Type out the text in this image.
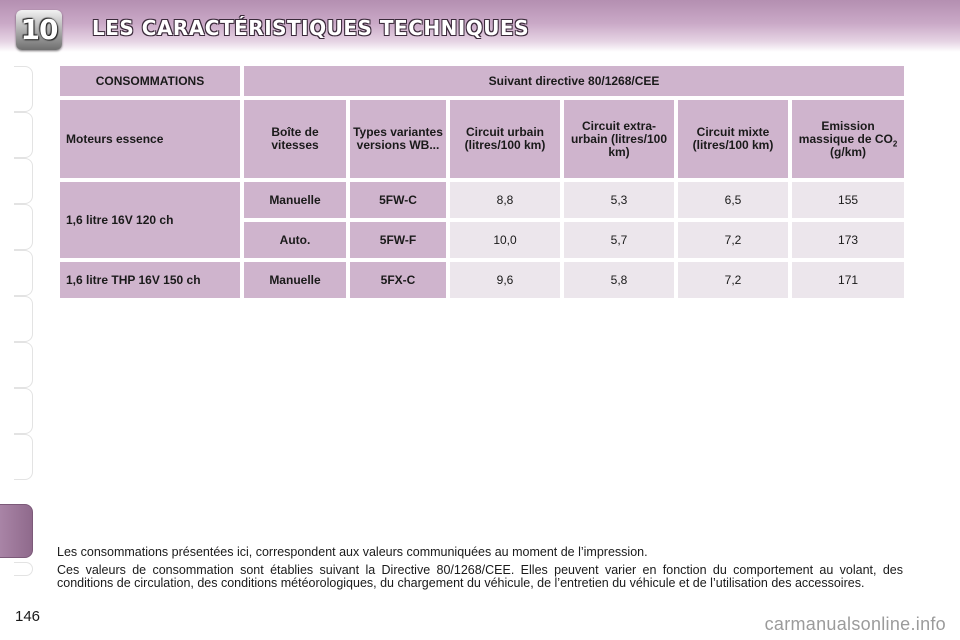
10 LES CARACTÉRISTIQUES TECHNIQUES
CONSOMMATIONS	Suivant directive 80/1268/CEE					
Moteurs essence	Boîte de vitesses	Types variantes versions WB...	Circuit urbain (litres/100 km)	Circuit extra-urbain (litres/100 km)	Circuit mixte (litres/100 km)	Emission massique de $CO_2$ (g/km)
1,6 litre 16V 120 ch	Manuelle	5FW-C	8,8	5,3	6,5	155
	Auto.	5FW-F	10,0	5,7	7,2	173
1,6 litre THP 16V 150 ch	Manuelle	5FX-C	9,6	5,8	7,2	171

Les consommations présentées ici, correspondent aux valeurs communiquées au moment de l’impression.

Ces valeurs de consommation sont établies suivant la Directive 80/1268/CEE. Elles peuvent varier en fonction du comportement au volant, des conditions de circulation, des conditions météorologiques, du chargement du véhicule, de l’entretien du véhicule et de l’utilisation des accessoires.

146	carmanualsonline.info
